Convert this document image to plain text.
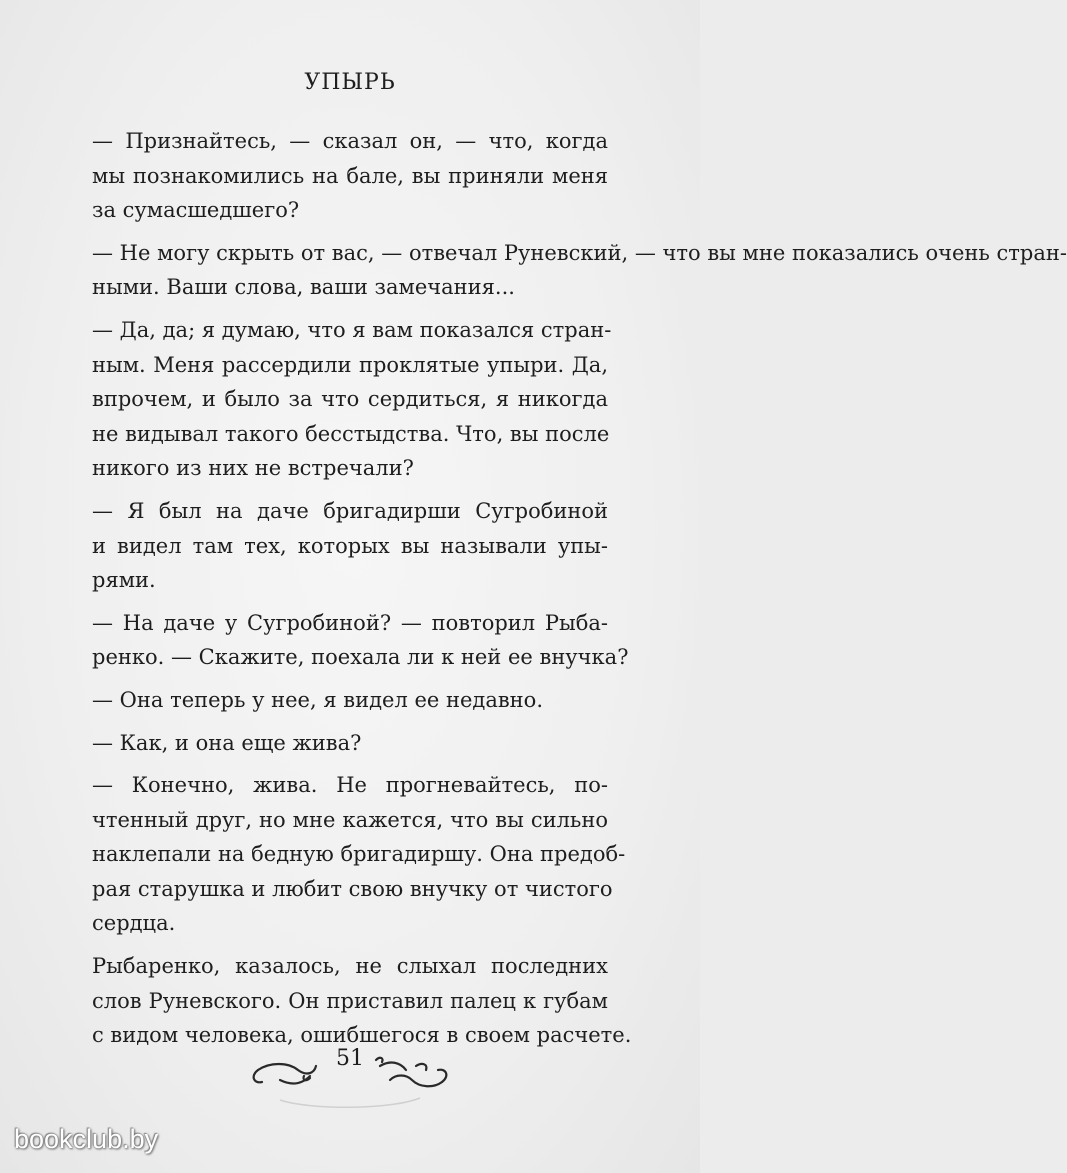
УПЫРЬ

— Признайтесь, — сказал он, — что, когда
мы познакомились на бале, вы приняли меня
за сумасшедшего?

— Не могу скрыть от вас, — отвечал Руневский, — что вы мне показались очень стран-
ными. Ваши слова, ваши замечания...

— Да, да; я думаю, что я вам показался стран-
ным. Меня рассердили проклятые упыри. Да,
впрочем, и было за что сердиться, я никогда
не видывал такого бесстыдства. Что, вы после
никого из них не встречали?

— Я был на даче бригадирши Сугробиной
и видел там тех, которых вы называли упы-
рями.

— На даче у Сугробиной? — повторил Рыба-
ренко. — Скажите, поехала ли к ней ее внучка?

— Она теперь у нее, я видел ее недавно.

— Как, и она еще жива?

— Конечно, жива. Не прогневайтесь, по-
чтенный друг, но мне кажется, что вы сильно
наклепали на бедную бригадиршу. Она предоб-
рая старушка и любит свою внучку от чистого
сердца.

Рыбаренко, казалось, не слыхал последних
слов Руневского. Он приставил палец к губам
с видом человека, ошибшегося в своем расчете.

51
bookclub.by
